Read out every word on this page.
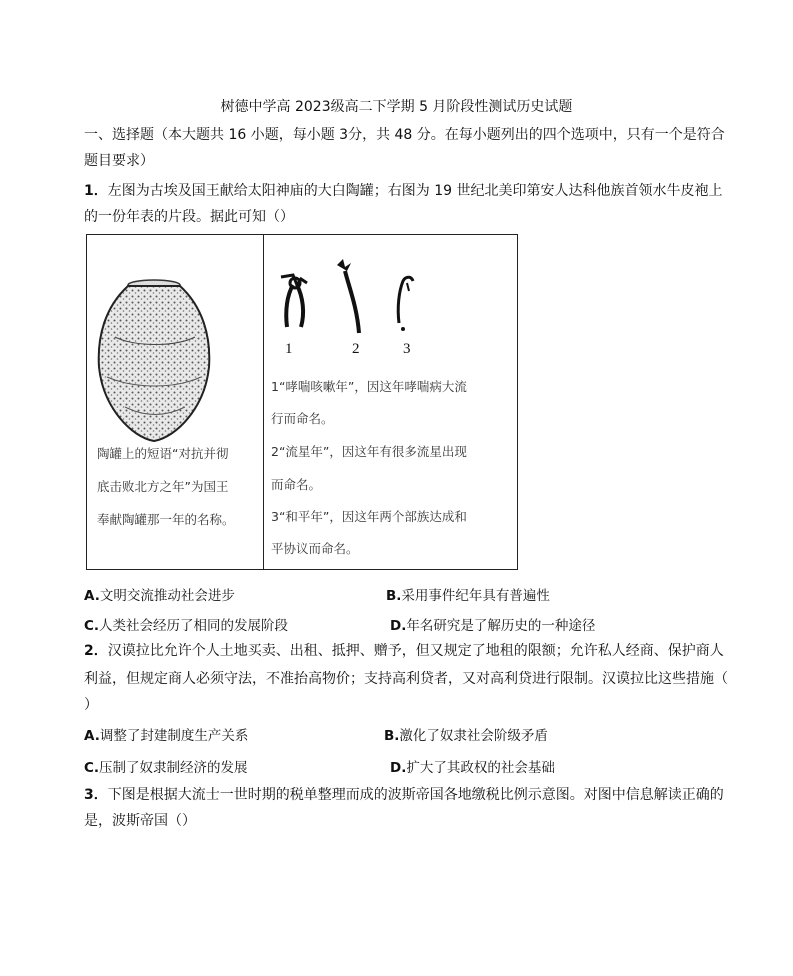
树德中学高 2023级高二下学期 5 月阶段性测试历史试题
一、选择题（本大题共 16 小题，每小题 3分，共 48 分。在每小题列出的四个选项中，只有一个是符合
题目要求）
1．左图为古埃及国王献给太阳神庙的大白陶罐；右图为 19 世纪北美印第安人达科他族首领水牛皮袍上
的一份年表的片段。据此可知（）
陶罐上的短语“对抗并彻
底击败北方之年”为国王
奉献陶罐那一年的名称。
1	2	3
1“哮喘咳嗽年”，因这年哮喘病大流
行而命名。
2“流星年”，因这年有很多流星出现
而命名。
3“和平年”，因这年两个部族达成和
平协议而命名。
A.文明交流推动社会进步	B.采用事件纪年具有普遍性
C.人类社会经历了相同的发展阶段	D.年名研究是了解历史的一种途径
2．汉谟拉比允许个人土地买卖、出租、抵押、赠予，但又规定了地租的限额；允许私人经商、保护商人
利益，但规定商人必须守法，不准抬高物价；支持高利贷者，又对高利贷进行限制。汉谟拉比这些措施（
）
A.调整了封建制度生产关系	B.激化了奴隶社会阶级矛盾
C.压制了奴隶制经济的发展	D.扩大了其政权的社会基础
3．下图是根据大流士一世时期的税单整理而成的波斯帝国各地缴税比例示意图。对图中信息解读正确的
是，波斯帝国（）
